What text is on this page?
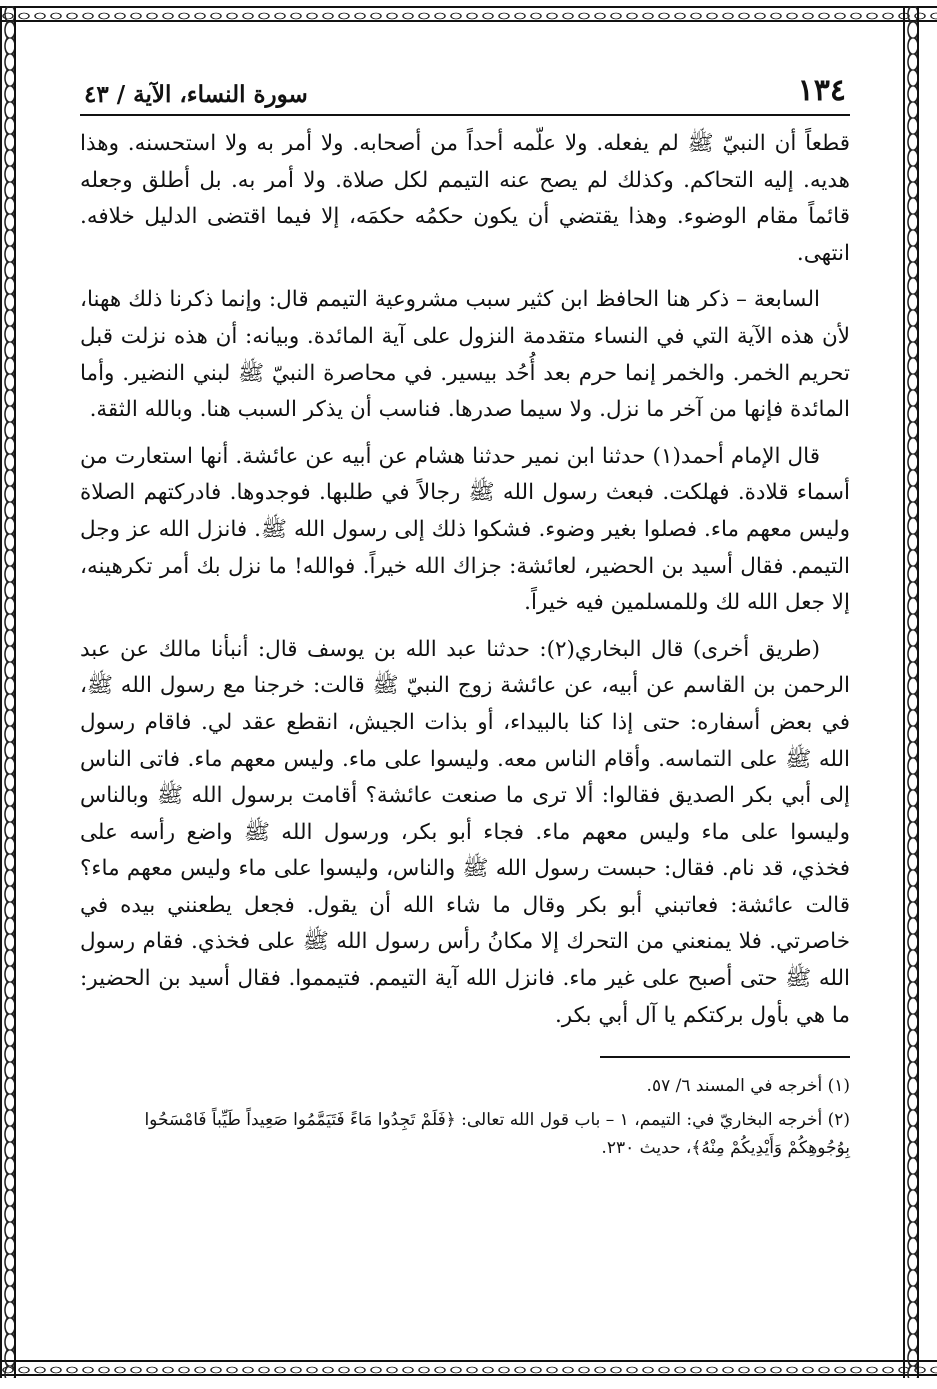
١٣٤
سورة النساء، الآية / ٤٣

قطعاً أن النبيّ ﷺ لم يفعله. ولا علّمه أحداً من أصحابه. ولا أمر به ولا استحسنه. وهذا هديه. إليه التحاكم. وكذلك لم يصح عنه التيمم لكل صلاة. ولا أمر به. بل أطلق وجعله قائماً مقام الوضوء. وهذا يقتضي أن يكون حكمُه حكمَه، إلا فيما اقتضى الدليل خلافه. انتهى.

السابعة – ذكر هنا الحافظ ابن كثير سبب مشروعية التيمم قال: وإنما ذكرنا ذلك ههنا، لأن هذه الآية التي في النساء متقدمة النزول على آية المائدة. وبيانه: أن هذه نزلت قبل تحريم الخمر. والخمر إنما حرم بعد أُحُد بيسير. في محاصرة النبيّ ﷺ لبني النضير. وأما المائدة فإنها من آخر ما نزل. ولا سيما صدرها. فناسب أن يذكر السبب هنا. وبالله الثقة.

قال الإمام أحمد(١) حدثنا ابن نمير حدثنا هشام عن أبيه عن عائشة. أنها استعارت من أسماء قلادة. فهلكت. فبعث رسول الله ﷺ رجالاً في طلبها. فوجدوها. فادركتهم الصلاة وليس معهم ماء. فصلوا بغير وضوء. فشكوا ذلك إلى رسول الله ﷺ. فانزل الله عز وجل التيمم. فقال أسيد بن الحضير، لعائشة: جزاك الله خيراً. فوالله! ما نزل بك أمر تكرهينه، إلا جعل الله لك وللمسلمين فيه خيراً.

(طريق أخرى) قال البخاري(٢): حدثنا عبد الله بن يوسف قال: أنبأنا مالك عن عبد الرحمن بن القاسم عن أبيه، عن عائشة زوج النبيّ ﷺ قالت: خرجنا مع رسول الله ﷺ، في بعض أسفاره: حتى إذا كنا بالبيداء، أو بذات الجيش، انقطع عقد لي. فاقام رسول الله ﷺ على التماسه. وأقام الناس معه. وليسوا على ماء. وليس معهم ماء. فاتى الناس إلى أبي بكر الصديق فقالوا: ألا ترى ما صنعت عائشة؟ أقامت برسول الله ﷺ وبالناس وليسوا على ماء وليس معهم ماء. فجاء أبو بكر، ورسول الله ﷺ واضع رأسه على فخذي، قد نام. فقال: حبست رسول الله ﷺ والناس، وليسوا على ماء وليس معهم ماء؟ قالت عائشة: فعاتبني أبو بكر وقال ما شاء الله أن يقول. فجعل يطعنني بيده في خاصرتي. فلا يمنعني من التحرك إلا مكانُ رأس رسول الله ﷺ على فخذي. فقام رسول الله ﷺ حتى أصبح على غير ماء. فانزل الله آية التيمم. فتيمموا. فقال أسيد بن الحضير: ما هي بأول بركتكم يا آل أبي بكر.

(١) أخرجه في المسند ٦/ ٥٧.
(٢) أخرجه البخاريّ في: التيمم، ١ – باب قول الله تعالى: ﴿فَلَمْ تَجِدُوا مَاءً فَتَيَمَّمُوا صَعِيداً طَيِّباً فَامْسَحُوا بِوُجُوهِكُمْ وَأَيْدِيكُمْ مِنْهُ﴾، حديث ٢٣٠.
